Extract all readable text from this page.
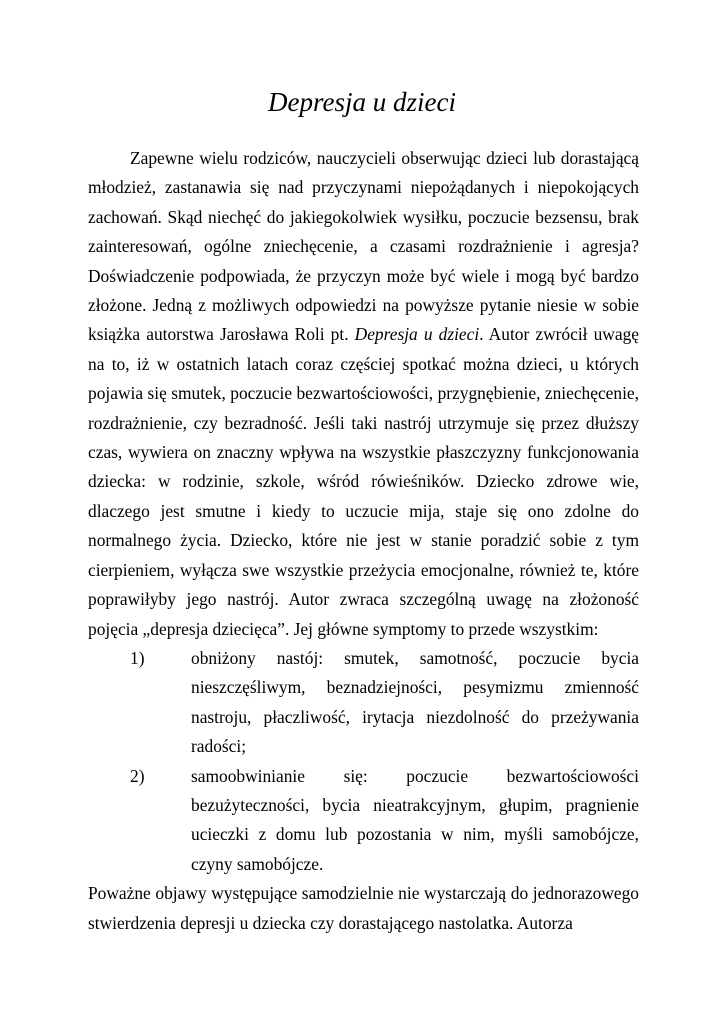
Depresja u dzieci

Zapewne wielu rodziców, nauczycieli obserwując dzieci lub dorastającą młodzież, zastanawia się nad przyczynami niepożądanych i niepokojących zachowań. Skąd niechęć do jakiegokolwiek wysiłku, poczucie bezsensu, brak zainteresowań, ogólne zniechęcenie, a czasami rozdrażnienie i agresja? Doświadczenie podpowiada, że przyczyn może być wiele i mogą być bardzo złożone. Jedną z możliwych odpowiedzi na powyższe pytanie niesie w sobie książka autorstwa Jarosława Roli pt. Depresja u dzieci. Autor zwrócił uwagę na to, iż w ostatnich latach coraz częściej spotkać można dzieci, u których pojawia się smutek, poczucie bezwartościowości, przygnębienie, zniechęcenie, rozdrażnienie, czy bezradność. Jeśli taki nastrój utrzymuje się przez dłuższy czas, wywiera on znaczny wpływa na wszystkie płaszczyzny funkcjonowania dziecka: w rodzinie, szkole, wśród rówieśników. Dziecko zdrowe wie, dlaczego jest smutne i kiedy to uczucie mija, staje się ono zdolne do normalnego życia. Dziecko, które nie jest w stanie poradzić sobie z tym cierpieniem, wyłącza swe wszystkie przeżycia emocjonalne, również te, które poprawiłyby jego nastrój. Autor zwraca szczególną uwagę na złożoność pojęcia „depresja dziecięca”. Jej główne symptomy to przede wszystkim:

1)	obniżony nastój: smutek, samotność, poczucie bycia nieszczęśliwym, beznadziejności, pesymizmu zmienność nastroju, płaczliwość, irytacja niezdolność do przeżywania radości;
2)	samoobwinianie się: poczucie bezwartościowości bezużyteczności, bycia nieatrakcyjnym, głupim, pragnienie ucieczki z domu lub pozostania w nim, myśli samobójcze, czyny samobójcze.

Poważne objawy występujące samodzielnie nie wystarczają do jednorazowego stwierdzenia depresji u dziecka czy dorastającego nastolatka. Autorza
